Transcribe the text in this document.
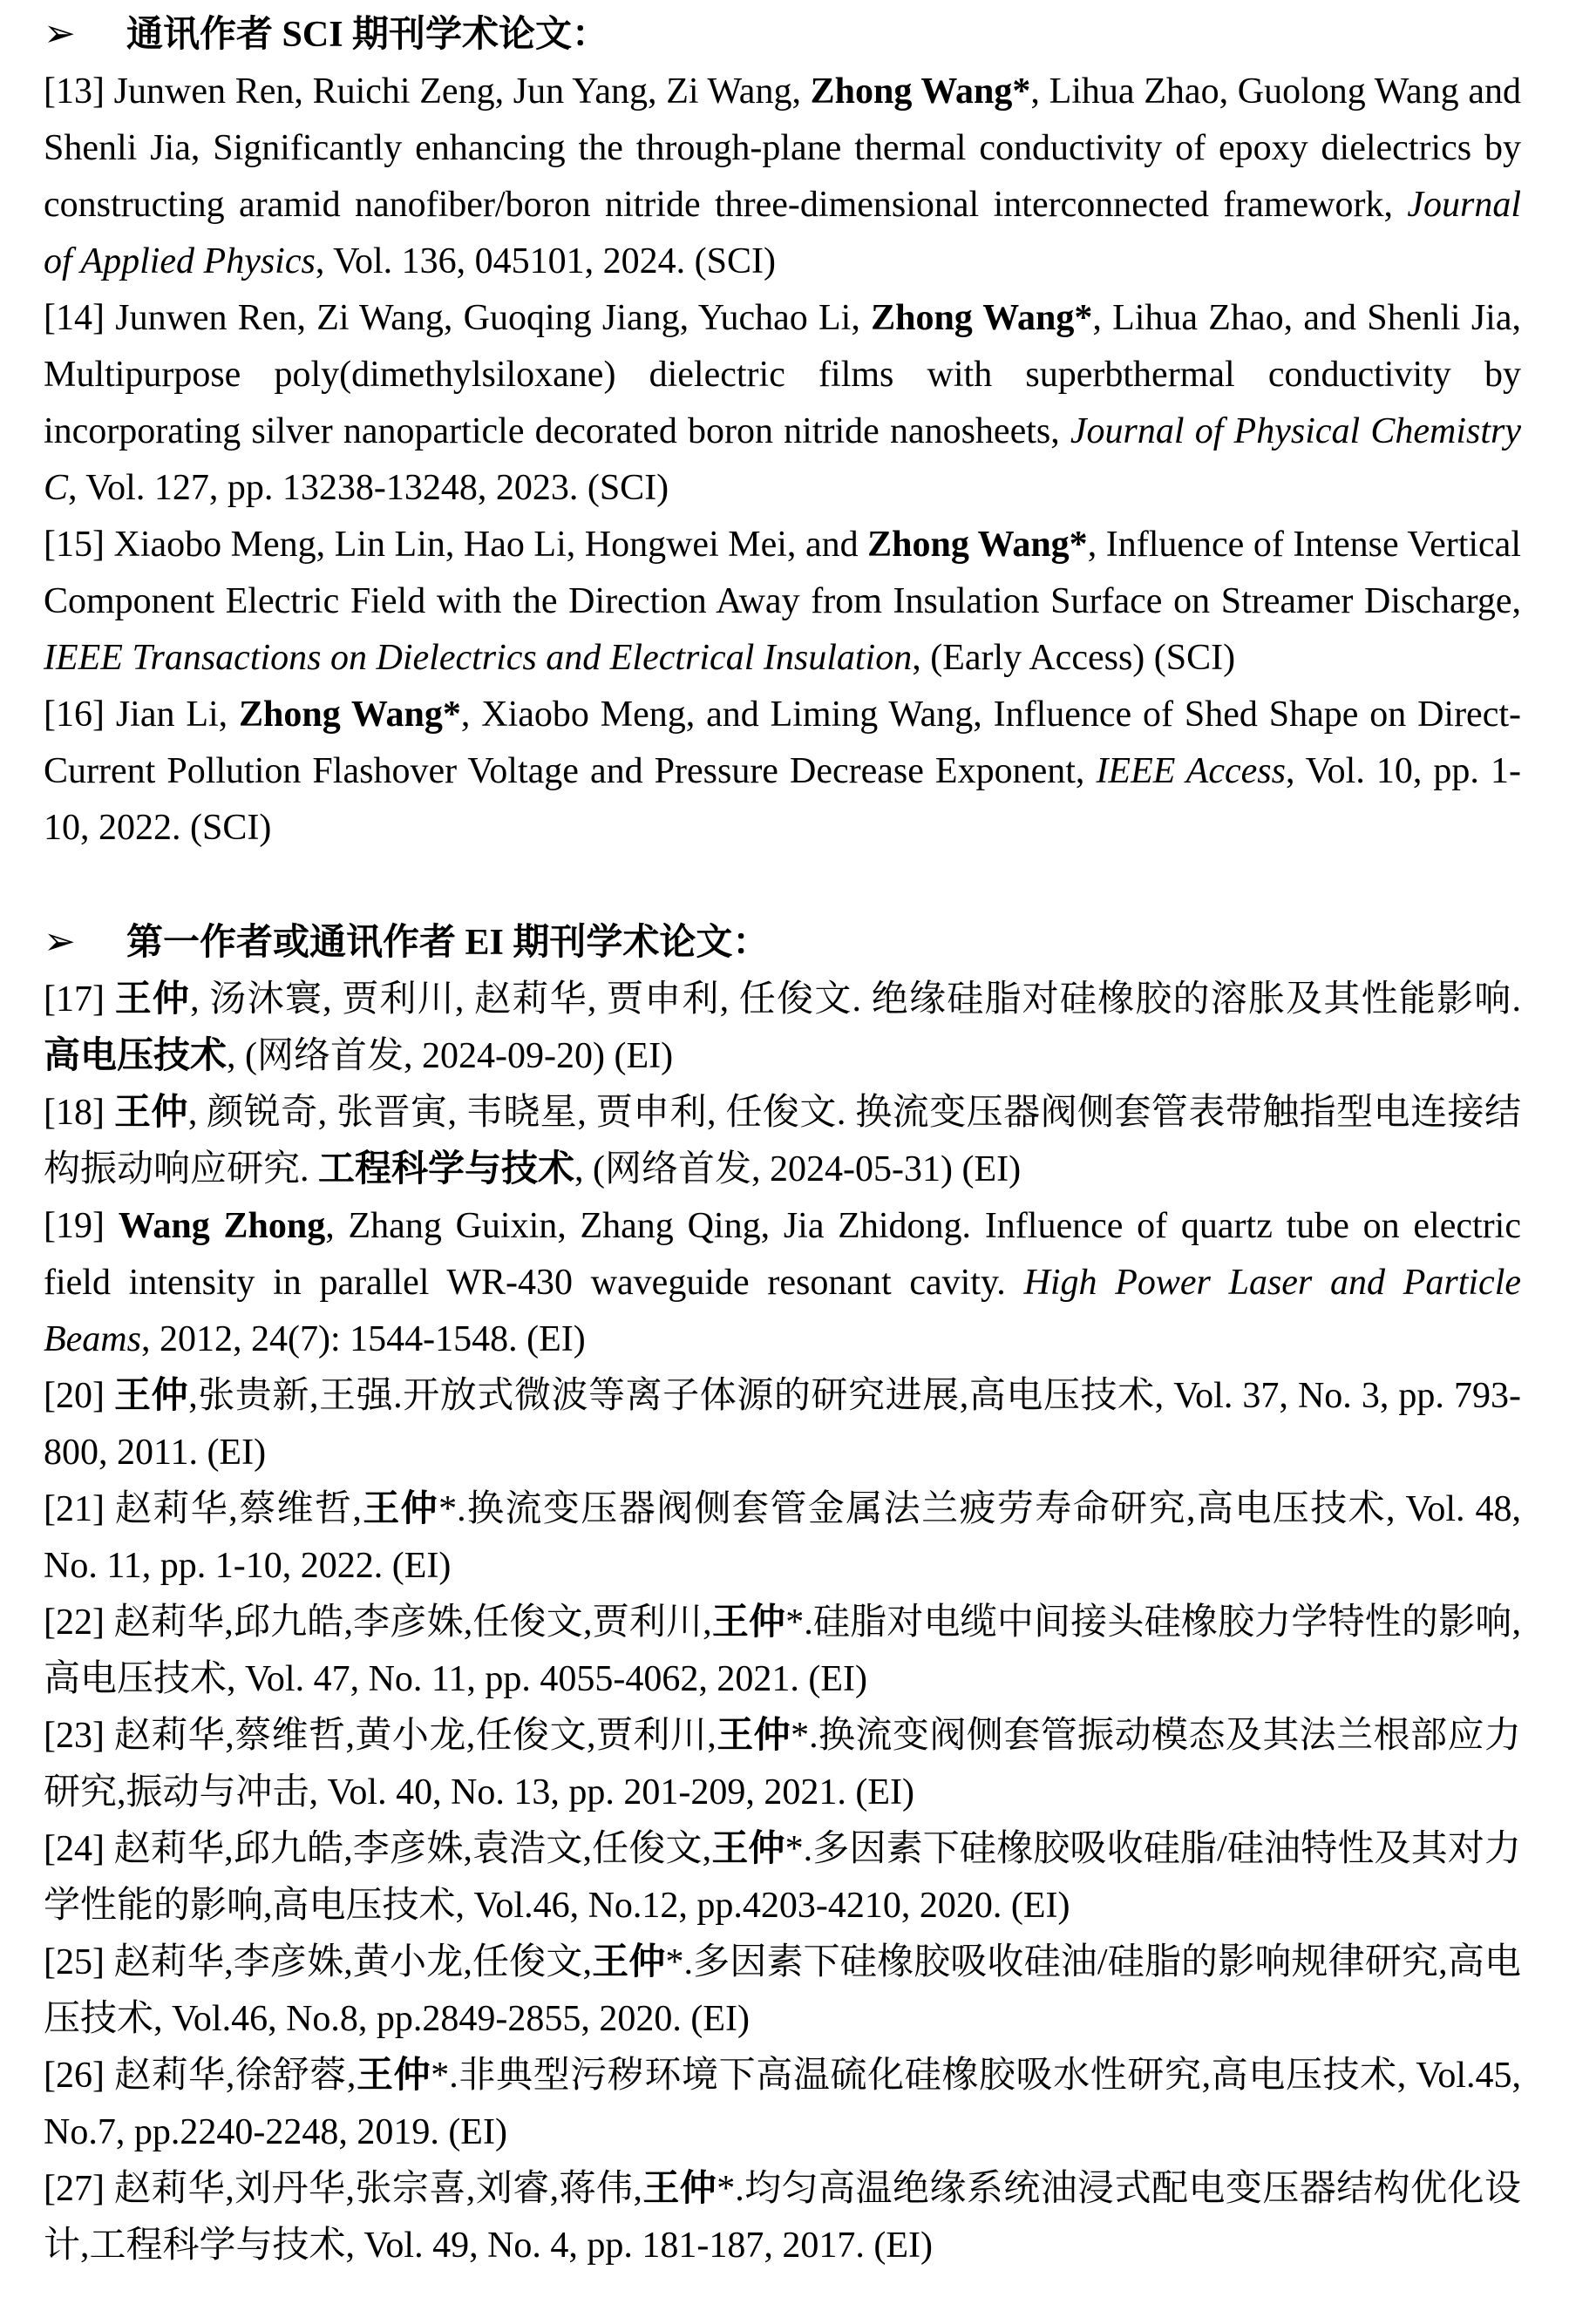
➢ 通讯作者 SCI 期刊学术论文：

[13] Junwen Ren, Ruichi Zeng, Jun Yang, Zi Wang, Zhong Wang*, Lihua Zhao, Guolong Wang and Shenli Jia, Significantly enhancing the through-plane thermal conductivity of epoxy dielectrics by constructing aramid nanofiber/boron nitride three-dimensional interconnected framework, Journal of Applied Physics, Vol. 136, 045101, 2024. (SCI)

[14] Junwen Ren, Zi Wang, Guoqing Jiang, Yuchao Li, Zhong Wang*, Lihua Zhao, and Shenli Jia, Multipurpose poly(dimethylsiloxane) dielectric films with superbthermal conductivity by incorporating silver nanoparticle decorated boron nitride nanosheets, Journal of Physical Chemistry C, Vol. 127, pp. 13238-13248, 2023. (SCI)

[15] Xiaobo Meng, Lin Lin, Hao Li, Hongwei Mei, and Zhong Wang*, Influence of Intense Vertical Component Electric Field with the Direction Away from Insulation Surface on Streamer Discharge, IEEE Transactions on Dielectrics and Electrical Insulation, (Early Access) (SCI)

[16] Jian Li, Zhong Wang*, Xiaobo Meng, and Liming Wang, Influence of Shed Shape on Direct-Current Pollution Flashover Voltage and Pressure Decrease Exponent, IEEE Access, Vol. 10, pp. 1-10, 2022. (SCI)

➢ 第一作者或通讯作者 EI 期刊学术论文：

[17] 王仲, 汤沐寰, 贾利川, 赵莉华, 贾申利, 任俊文. 绝缘硅脂对硅橡胶的溶胀及其性能影响. 高电压技术, (网络首发, 2024-09-20) (EI)

[18] 王仲, 颜锐奇, 张晋寅, 韦晓星, 贾申利, 任俊文. 换流变压器阀侧套管表带触指型电连接结构振动响应研究. 工程科学与技术, (网络首发, 2024-05-31) (EI)

[19] Wang Zhong, Zhang Guixin, Zhang Qing, Jia Zhidong. Influence of quartz tube on electric field intensity in parallel WR-430 waveguide resonant cavity. High Power Laser and Particle Beams, 2012, 24(7): 1544-1548. (EI)

[20] 王仲,张贵新,王强.开放式微波等离子体源的研究进展,高电压技术, Vol. 37, No. 3, pp. 793-800, 2011. (EI)

[21] 赵莉华,蔡维哲,王仲*.换流变压器阀侧套管金属法兰疲劳寿命研究,高电压技术, Vol. 48, No. 11, pp. 1-10, 2022. (EI)

[22] 赵莉华,邱九皓,李彦姝,任俊文,贾利川,王仲*.硅脂对电缆中间接头硅橡胶力学特性的影响,高电压技术, Vol. 47, No. 11, pp. 4055-4062, 2021. (EI)

[23] 赵莉华,蔡维哲,黄小龙,任俊文,贾利川,王仲*.换流变阀侧套管振动模态及其法兰根部应力研究,振动与冲击, Vol. 40, No. 13, pp. 201-209, 2021. (EI)

[24] 赵莉华,邱九皓,李彦姝,袁浩文,任俊文,王仲*.多因素下硅橡胶吸收硅脂/硅油特性及其对力学性能的影响,高电压技术, Vol.46, No.12, pp.4203-4210, 2020. (EI)

[25] 赵莉华,李彦姝,黄小龙,任俊文,王仲*.多因素下硅橡胶吸收硅油/硅脂的影响规律研究,高电压技术, Vol.46, No.8, pp.2849-2855, 2020. (EI)

[26] 赵莉华,徐舒蓉,王仲*.非典型污秽环境下高温硫化硅橡胶吸水性研究,高电压技术, Vol.45, No.7, pp.2240-2248, 2019. (EI)

[27] 赵莉华,刘丹华,张宗喜,刘睿,蒋伟,王仲*.均匀高温绝缘系统油浸式配电变压器结构优化设计,工程科学与技术, Vol. 49, No. 4, pp. 181-187, 2017. (EI)
